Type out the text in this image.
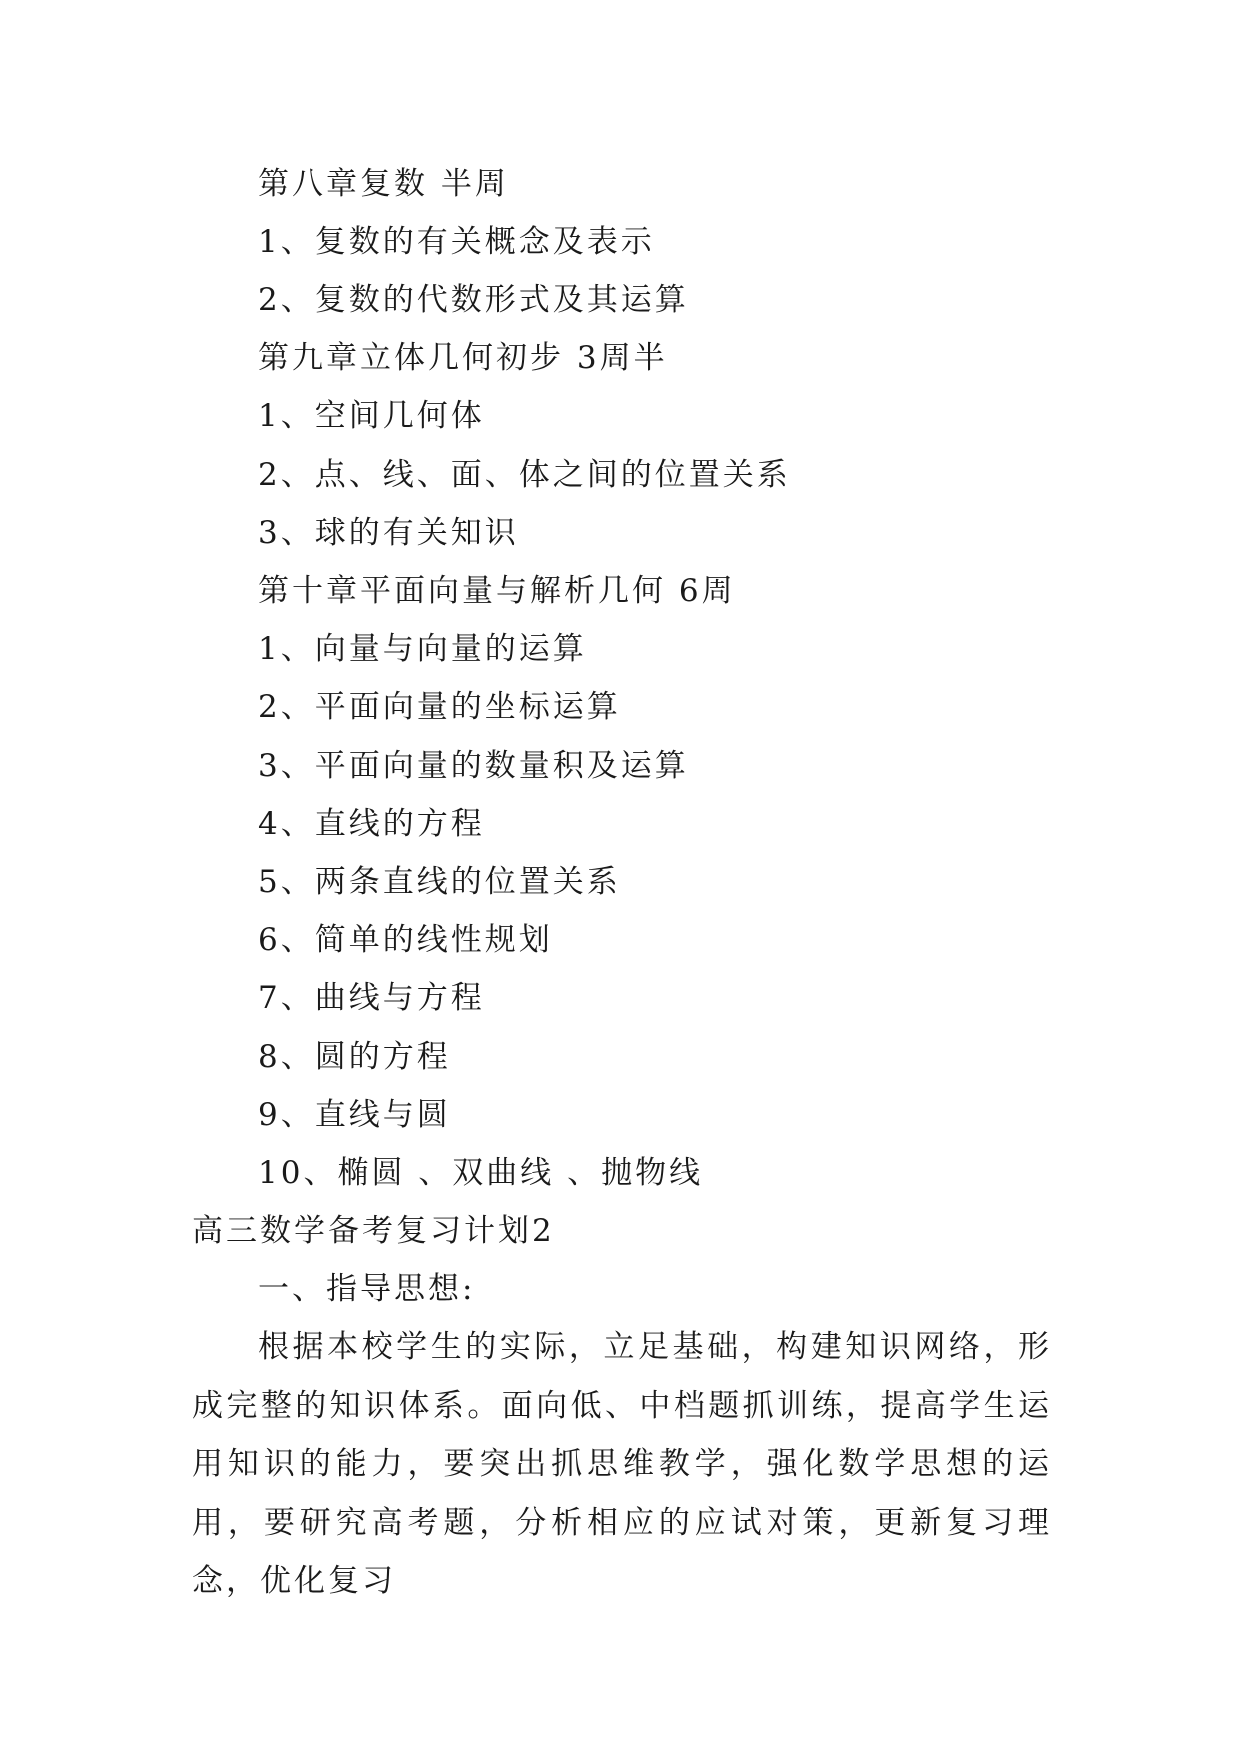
第八章复数 半周
1、复数的有关概念及表示
2、复数的代数形式及其运算
第九章立体几何初步 3周半
1、空间几何体
2、点、线、面、体之间的位置关系
3、球的有关知识
第十章平面向量与解析几何 6周
1、向量与向量的运算
2、平面向量的坐标运算
3、平面向量的数量积及运算
4、直线的方程
5、两条直线的位置关系
6、简单的线性规划
7、曲线与方程
8、圆的方程
9、直线与圆
10、椭圆 、双曲线 、抛物线
高三数学备考复习计划2
一、指导思想:
根据本校学生的实际，立足基础，构建知识网络，形成完整的知识体系。面向低、中档题抓训练，提高学生运用知识的能力，要突出抓思维教学，强化数学思想的运用，要研究高考题，分析相应的应试对策，更新复习理念，优化复习
